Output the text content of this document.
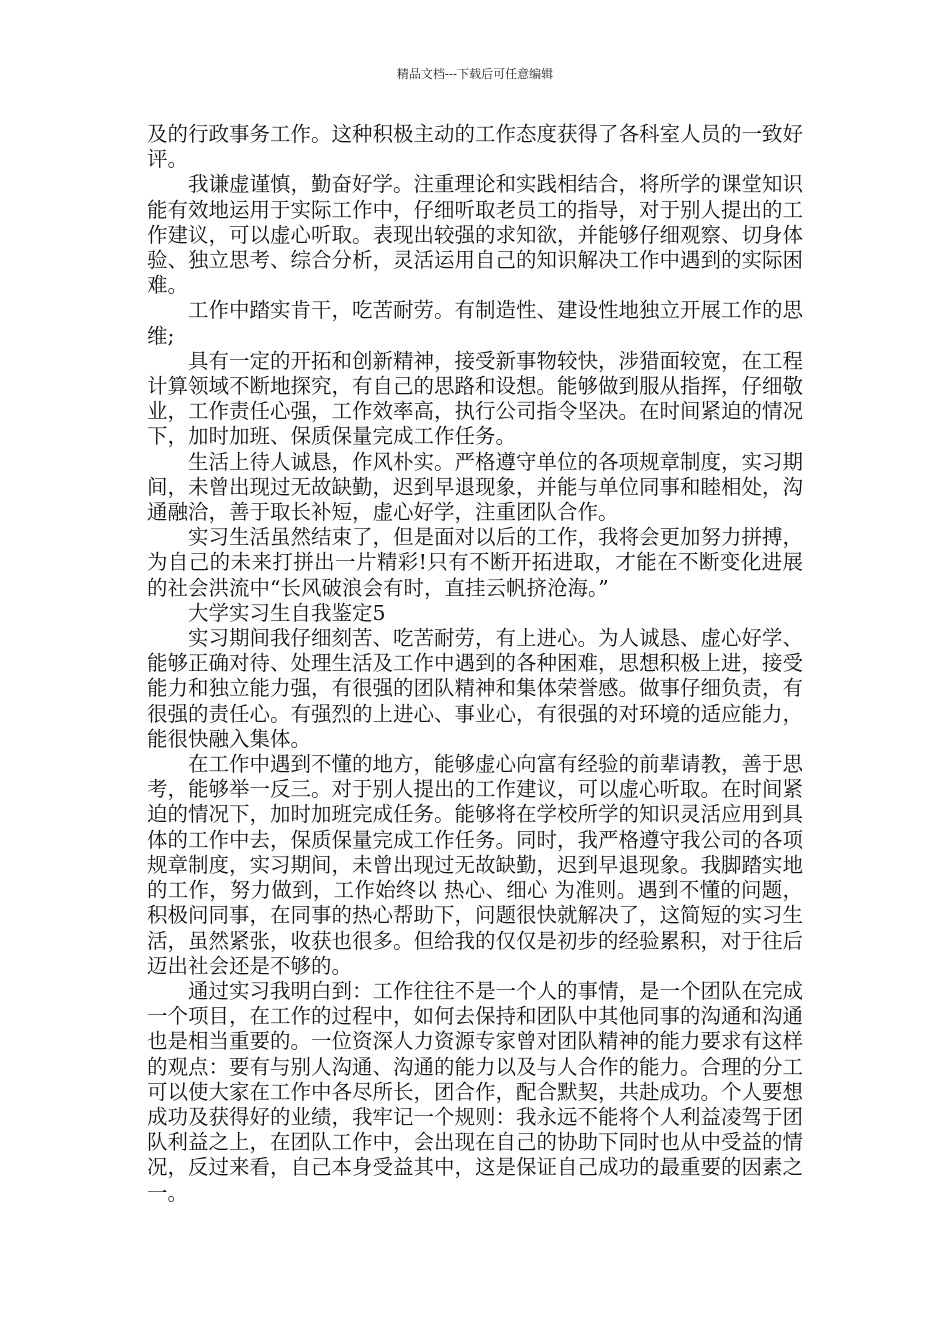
精品文档---下载后可任意编辑

及的行政事务工作。这种积极主动的工作态度获得了各科室人员的一致好评。

我谦虚谨慎，勤奋好学。注重理论和实践相结合，将所学的课堂知识能有效地运用于实际工作中，仔细听取老员工的指导，对于别人提出的工作建议，可以虚心听取。表现出较强的求知欲，并能够仔细观察、切身体验、独立思考、综合分析，灵活运用自己的知识解决工作中遇到的实际困难。

工作中踏实肯干，吃苦耐劳。有制造性、建设性地独立开展工作的思维;

具有一定的开拓和创新精神，接受新事物较快，涉猎面较宽，在工程计算领域不断地探究，有自己的思路和设想。能够做到服从指挥，仔细敬业，工作责任心强，工作效率高，执行公司指令坚决。在时间紧迫的情况下，加时加班、保质保量完成工作任务。

生活上待人诚恳，作风朴实。严格遵守单位的各项规章制度，实习期间，未曾出现过无故缺勤，迟到早退现象，并能与单位同事和睦相处，沟通融洽，善于取长补短，虚心好学，注重团队合作。

实习生活虽然结束了，但是面对以后的工作，我将会更加努力拼搏，为自己的未来打拼出一片精彩!只有不断开拓进取，才能在不断变化进展的社会洪流中“长风破浪会有时，直挂云帆挤沧海。”

大学实习生自我鉴定5

实习期间我仔细刻苦、吃苦耐劳，有上进心。为人诚恳、虚心好学、能够正确对待、处理生活及工作中遇到的各种困难，思想积极上进，接受能力和独立能力强，有很强的团队精神和集体荣誉感。做事仔细负责，有很强的责任心。有强烈的上进心、事业心，有很强的对环境的适应能力，能很快融入集体。

在工作中遇到不懂的地方，能够虚心向富有经验的前辈请教，善于思考，能够举一反三。对于别人提出的工作建议，可以虚心听取。在时间紧迫的情况下，加时加班完成任务。能够将在学校所学的知识灵活应用到具体的工作中去，保质保量完成工作任务。同时，我严格遵守我公司的各项规章制度，实习期间，未曾出现过无故缺勤，迟到早退现象。我脚踏实地的工作，努力做到，工作始终以 热心、细心 为准则。遇到不懂的问题，积极问同事，在同事的热心帮助下，问题很快就解决了，这简短的实习生活，虽然紧张，收获也很多。但给我的仅仅是初步的经验累积，对于往后迈出社会还是不够的。

通过实习我明白到：工作往往不是一个人的事情，是一个团队在完成一个项目，在工作的过程中，如何去保持和团队中其他同事的沟通和沟通也是相当重要的。一位资深人力资源专家曾对团队精神的能力要求有这样的观点：要有与别人沟通、沟通的能力以及与人合作的能力。合理的分工可以使大家在工作中各尽所长，团合作，配合默契，共赴成功。个人要想成功及获得好的业绩，我牢记一个规则：我永远不能将个人利益凌驾于团队利益之上，在团队工作中，会出现在自己的协助下同时也从中受益的情况，反过来看，自己本身受益其中，这是保证自己成功的最重要的因素之一。
